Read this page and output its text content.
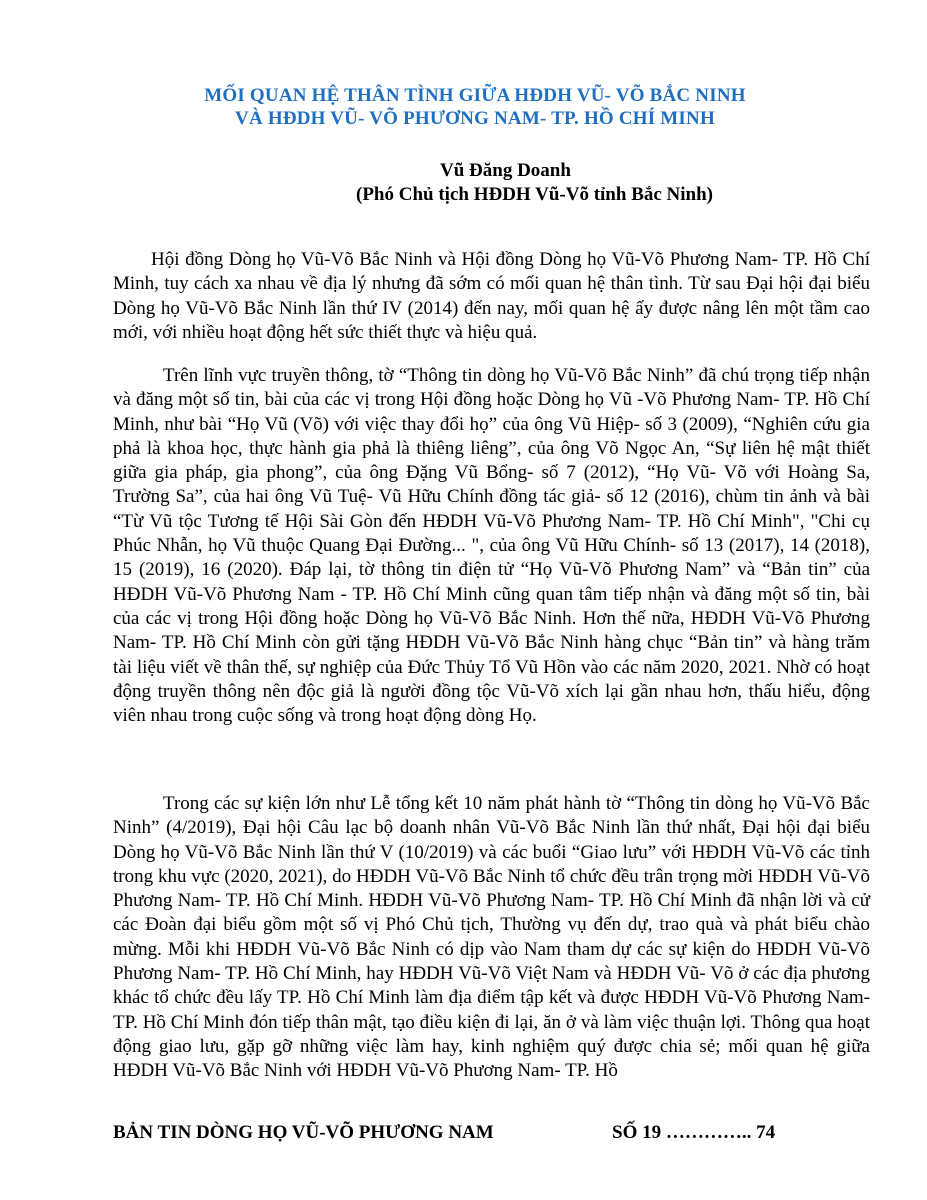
MỐI QUAN HỆ THÂN TÌNH GIỮA HĐDH VŨ- VÕ BẮC NINH
VÀ HĐDH VŨ- VÕ PHƯƠNG NAM- TP. HỒ CHÍ MINH
Vũ Đăng Doanh
(Phó Chủ tịch HĐDH Vũ-Võ tỉnh Bắc Ninh)

Hội đồng Dòng họ Vũ-Võ Bắc Ninh và Hội đồng Dòng họ Vũ-Võ Phương Nam- TP. Hồ Chí Minh, tuy cách xa nhau về địa lý nhưng đã sớm có mối quan hệ thân tình. Từ sau Đại hội đại biểu Dòng họ Vũ-Võ Bắc Ninh lần thứ IV (2014) đến nay, mối quan hệ ấy được nâng lên một tầm cao mới, với nhiều hoạt động hết sức thiết thực và hiệu quả.

Trên lĩnh vực truyền thông, tờ “Thông tin dòng họ Vũ-Võ Bắc Ninh” đã chú trọng tiếp nhận và đăng một số tin, bài của các vị trong Hội đồng hoặc Dòng họ Vũ -Võ Phương Nam- TP. Hồ Chí Minh, như bài “Họ Vũ (Võ) với việc thay đổi họ” của ông Vũ Hiệp- số 3 (2009), “Nghiên cứu gia phả là khoa học, thực hành gia phả là thiêng liêng”, của ông Võ Ngọc An, “Sự liên hệ mật thiết giữa gia pháp, gia phong”, của ông Đặng Vũ Bổng- số 7 (2012), “Họ Vũ- Võ với Hoàng Sa, Trường Sa”, của hai ông Vũ Tuệ- Vũ Hữu Chính đồng tác giả- số 12 (2016), chùm tin ảnh và bài “Từ Vũ tộc Tương tế Hội Sài Gòn đến HĐDH Vũ-Võ Phương Nam- TP. Hồ Chí Minh", "Chi cụ Phúc Nhẫn, họ Vũ thuộc Quang Đại Đường... ", của ông Vũ Hữu Chính- số 13 (2017), 14 (2018), 15 (2019), 16 (2020). Đáp lại, tờ thông tin điện tử “Họ Vũ-Võ Phương Nam” và “Bản tin” của HĐDH Vũ-Võ Phương Nam - TP. Hồ Chí Minh cũng quan tâm tiếp nhận và đăng một số tin, bài của các vị trong Hội đồng hoặc Dòng họ Vũ-Võ Bắc Ninh. Hơn thế nữa, HĐDH Vũ-Võ Phương Nam- TP. Hồ Chí Minh còn gửi tặng HĐDH Vũ-Võ Bắc Ninh hàng chục “Bản tin” và hàng trăm tài liệu viết về thân thế, sự nghiệp của Đức Thủy Tổ Vũ Hồn vào các năm 2020, 2021. Nhờ có hoạt động truyền thông nên độc giả là người đồng tộc Vũ-Võ xích lại gần nhau hơn, thấu hiểu, động viên nhau trong cuộc sống và trong hoạt động dòng Họ.

Trong các sự kiện lớn như Lễ tổng kết 10 năm phát hành tờ “Thông tin dòng họ Vũ-Võ Bắc Ninh” (4/2019), Đại hội Câu lạc bộ doanh nhân Vũ-Võ Bắc Ninh lần thứ nhất, Đại hội đại biểu Dòng họ Vũ-Võ Bắc Ninh lần thứ V (10/2019) và các buổi “Giao lưu” với HĐDH Vũ-Võ các tỉnh trong khu vực (2020, 2021), do HĐDH Vũ-Võ Bắc Ninh tổ chức đều trân trọng mời HĐDH Vũ-Võ Phương Nam- TP. Hồ Chí Minh. HĐDH Vũ-Võ Phương Nam- TP. Hồ Chí Minh đã nhận lời và cử các Đoàn đại biểu gồm một số vị Phó Chủ tịch, Thường vụ đến dự, trao quà và phát biểu chào mừng. Mỗi khi HĐDH Vũ-Võ Bắc Ninh có dịp vào Nam tham dự các sự kiện do HĐDH Vũ-Võ Phương Nam- TP. Hồ Chí Minh, hay HĐDH Vũ-Võ Việt Nam và HĐDH Vũ- Võ ở các địa phương khác tổ chức đều lấy TP. Hồ Chí Minh làm địa điểm tập kết và được HĐDH Vũ-Võ Phương Nam- TP. Hồ Chí Minh đón tiếp thân mật, tạo điều kiện đi lại, ăn ở và làm việc thuận lợi. Thông qua hoạt động giao lưu, gặp gỡ những việc làm hay, kinh nghiệm quý được chia sẻ; mối quan hệ giữa HĐDH Vũ-Võ Bắc Ninh với HĐDH Vũ-Võ Phương Nam- TP. Hồ

BẢN TIN DÒNG HỌ VŨ-VÕ PHƯƠNG NAM	SỐ 19 ………….. 74
